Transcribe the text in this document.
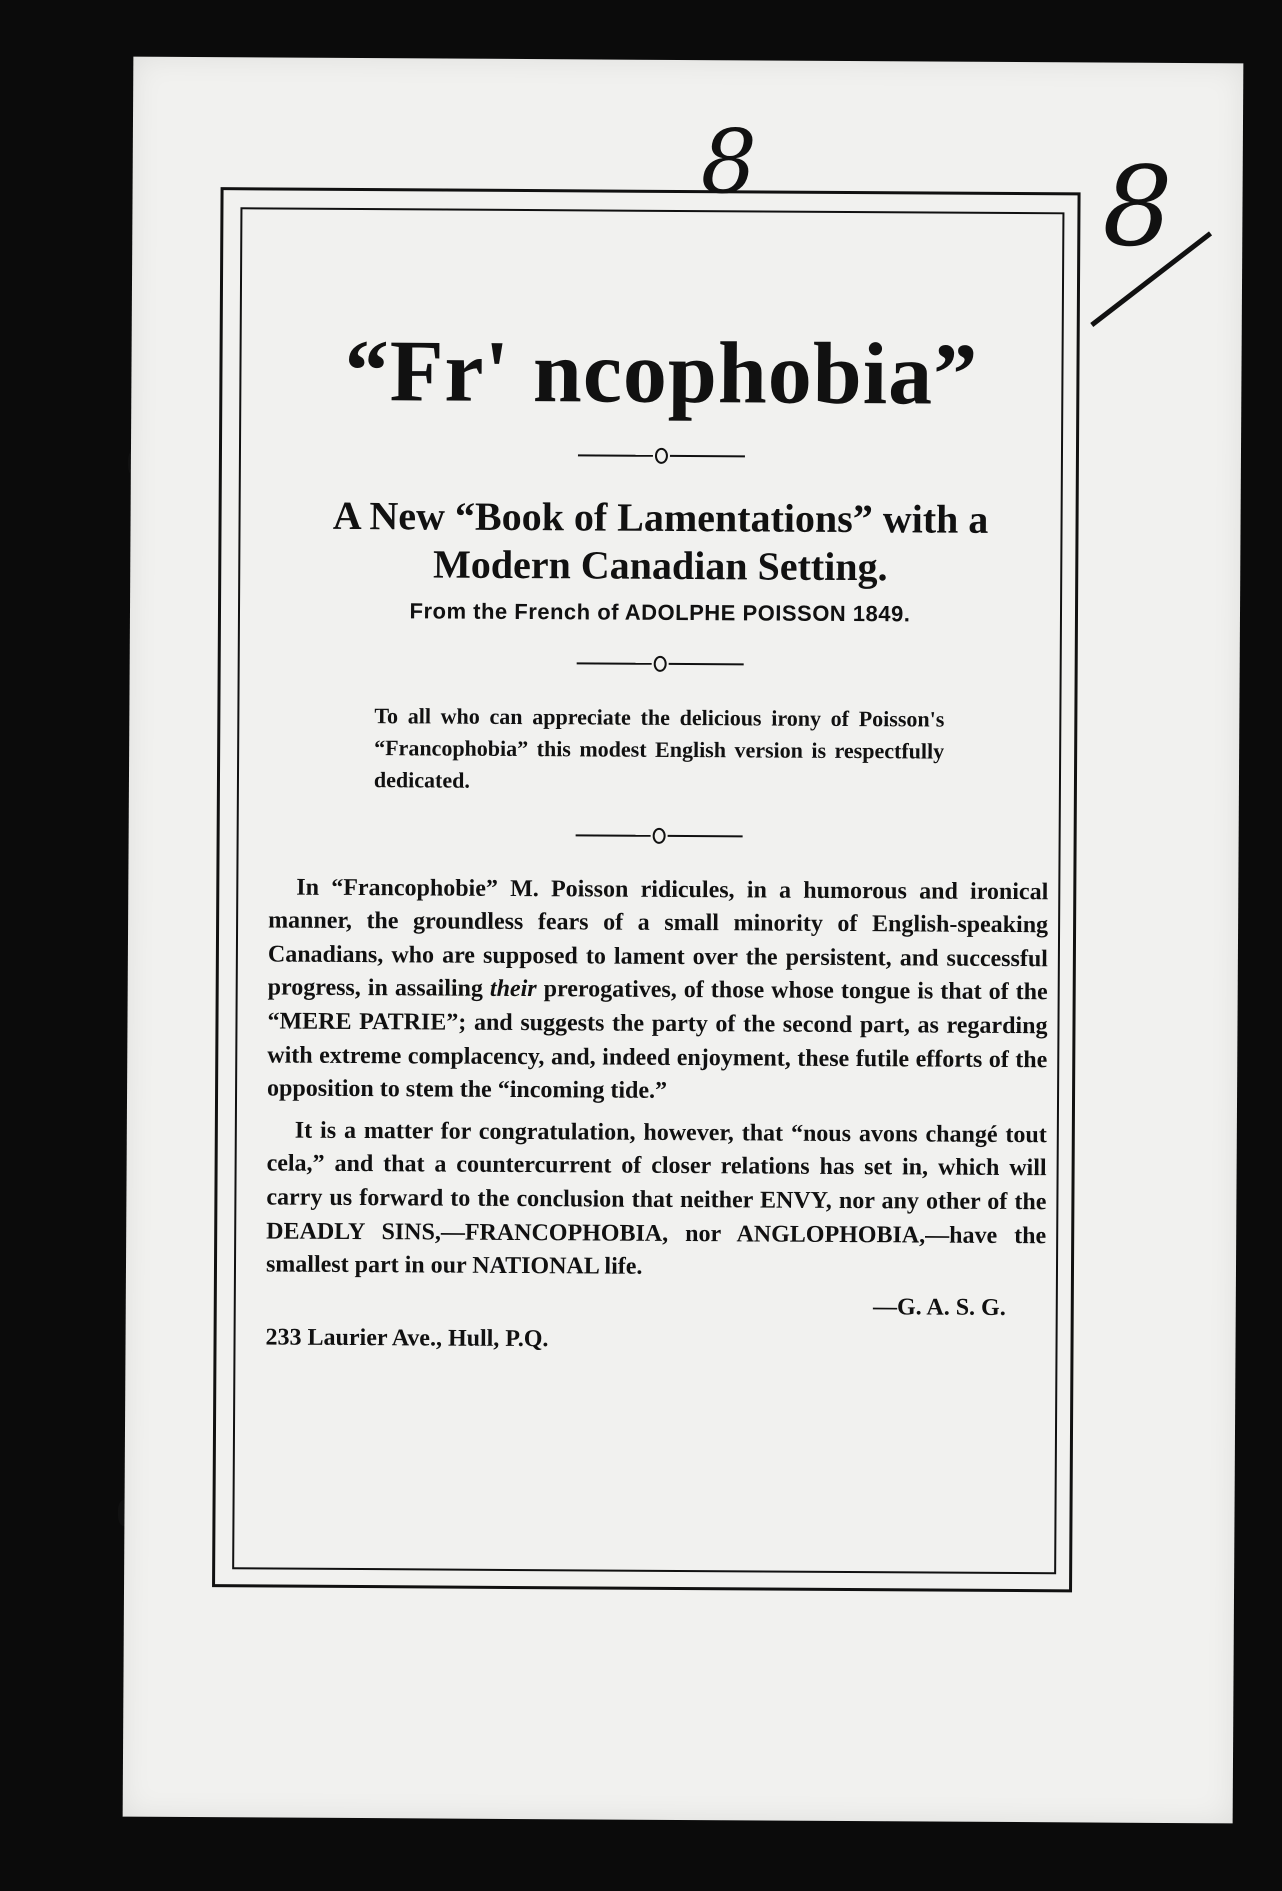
8	8
“Fr' ncophobia”

A New “Book of Lamentations” with a Modern Canadian Setting.

From the French of ADOLPHE POISSON 1849.

To all who can appreciate the delicious irony of Poisson's “Francophobia” this modest English version is respectfully dedicated.

In “Francophobie” M. Poisson ridicules, in a humorous and ironical manner, the groundless fears of a small minority of English-speaking Canadians, who are supposed to lament over the persistent, and successful progress, in assailing their prerogatives, of those whose tongue is that of the “MERE PATRIE”; and suggests the party of the second part, as regarding with extreme complacency, and, indeed enjoyment, these futile efforts of the opposition to stem the “incoming tide.”

It is a matter for congratulation, however, that “nous avons changé tout cela,” and that a countercurrent of closer relations has set in, which will carry us forward to the conclusion that neither ENVY, nor any other of the DEADLY SINS,—FRANCOPHOBIA, nor ANGLOPHOBIA,—have the smallest part in our NATIONAL life.

—G. A. S. G.
233 Laurier Ave., Hull, P.Q.
